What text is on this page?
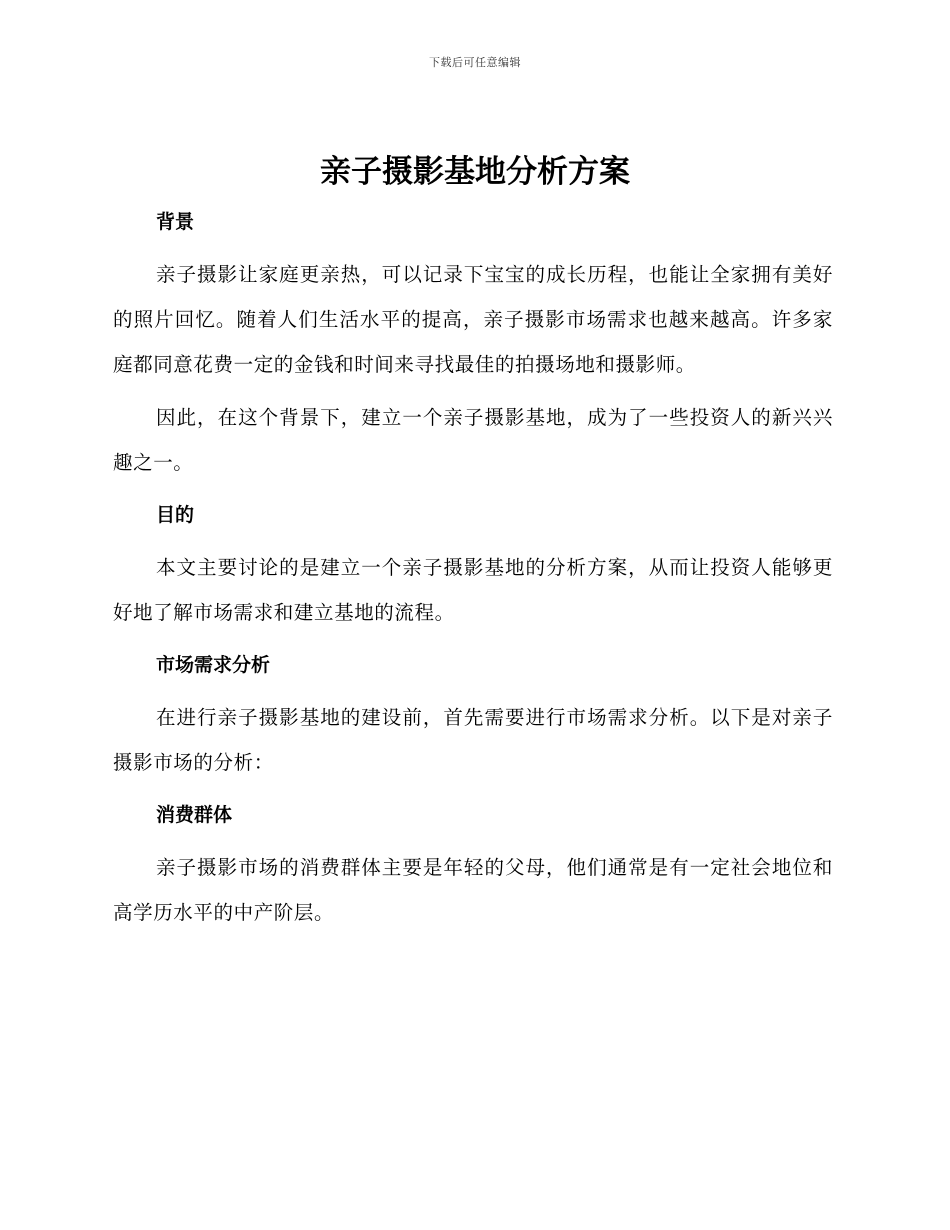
下载后可任意编辑
亲子摄影基地分析方案
背景

亲子摄影让家庭更亲热，可以记录下宝宝的成长历程，也能让全家拥有美好的照片回忆。随着人们生活水平的提高，亲子摄影市场需求也越来越高。许多家庭都同意花费一定的金钱和时间来寻找最佳的拍摄场地和摄影师。

因此，在这个背景下，建立一个亲子摄影基地，成为了一些投资人的新兴兴趣之一。

目的

本文主要讨论的是建立一个亲子摄影基地的分析方案，从而让投资人能够更好地了解市场需求和建立基地的流程。

市场需求分析

在进行亲子摄影基地的建设前，首先需要进行市场需求分析。以下是对亲子摄影市场的分析：

消费群体

亲子摄影市场的消费群体主要是年轻的父母，他们通常是有一定社会地位和高学历水平的中产阶层。
